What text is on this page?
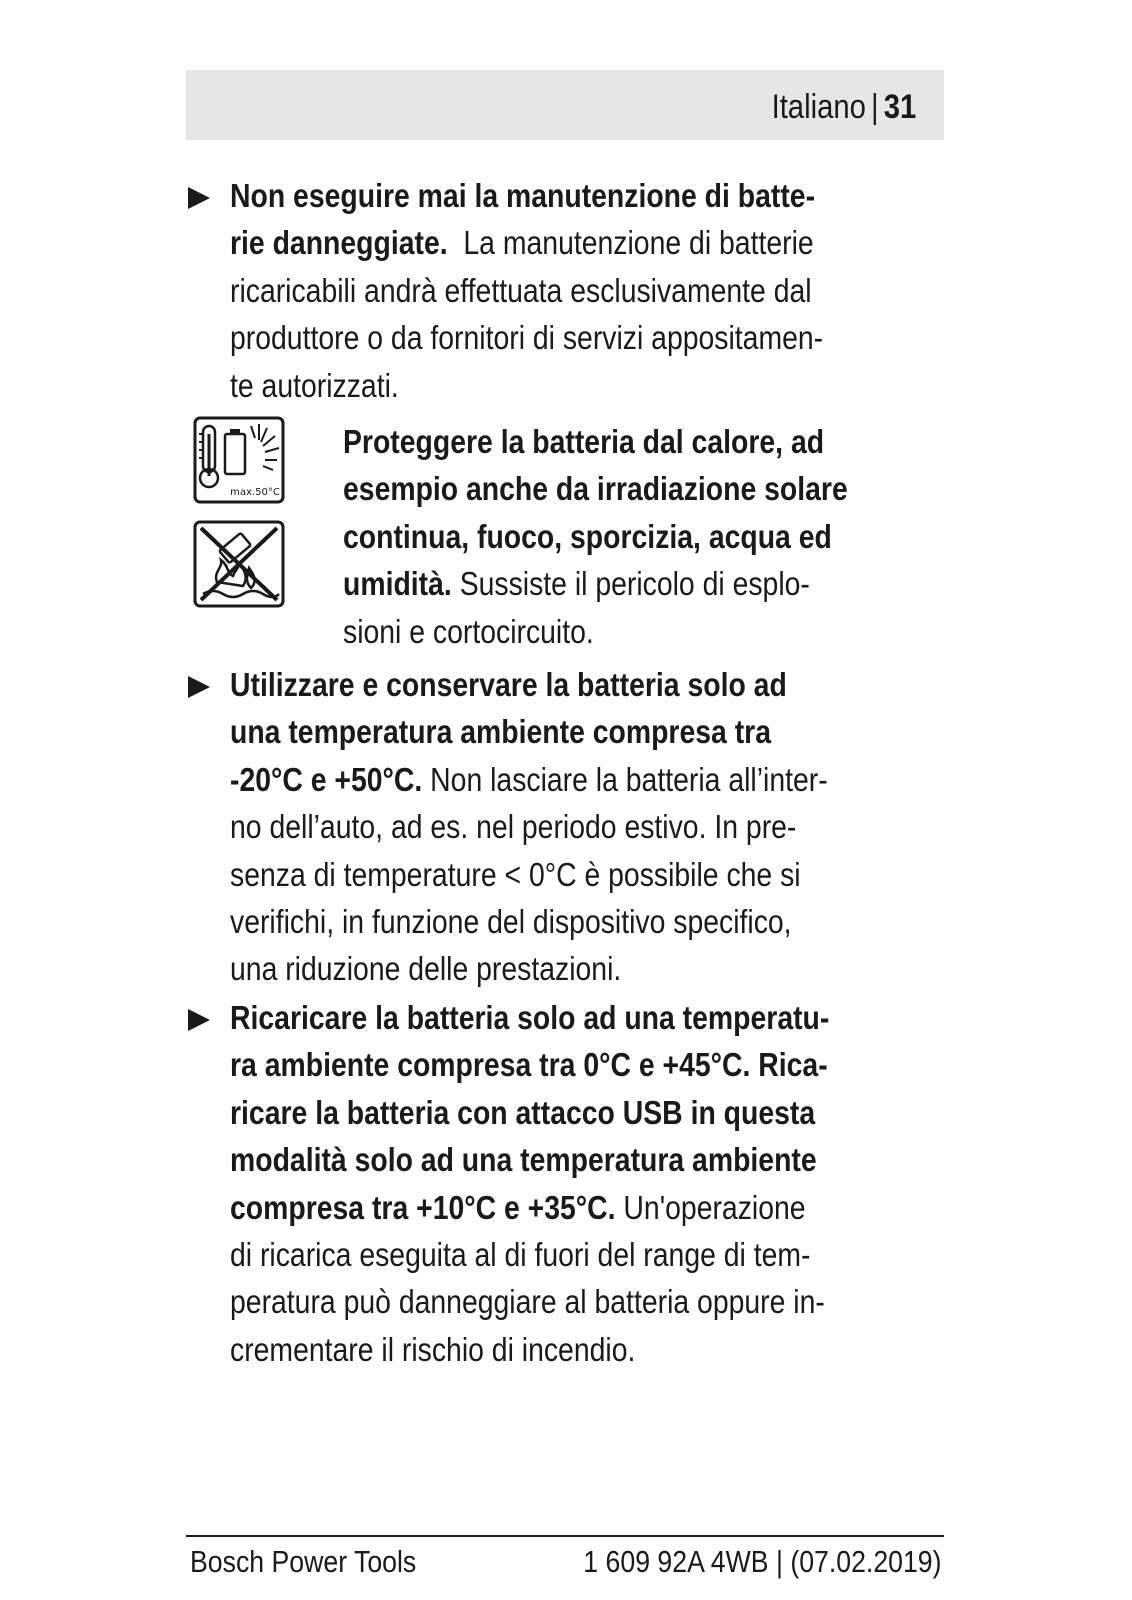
Italiano | 31
Non eseguire mai la manutenzione di batte-
rie danneggiate.  La manutenzione di batterie
ricaricabili andrà effettuata esclusivamente dal
produttore o da fornitori di servizi appositamen-
te autorizzati.
max.50°C
Proteggere la batteria dal calore, ad
esempio anche da irradiazione solare
continua, fuoco, sporcizia, acqua ed
umidità. Sussiste il pericolo di esplo-
sioni e cortocircuito.
Utilizzare e conservare la batteria solo ad
una temperatura ambiente compresa tra
-20°C e +50°C. Non lasciare la batteria all’inter-
no dell’auto, ad es. nel periodo estivo. In pre-
senza di temperature < 0°C è possibile che si
verifichi, in funzione del dispositivo specifico,
una riduzione delle prestazioni.
Ricaricare la batteria solo ad una temperatu-
ra ambiente compresa tra 0°C e +45°C. Rica-
ricare la batteria con attacco USB in questa
modalità solo ad una temperatura ambiente
compresa tra +10°C e +35°C. Un'operazione
di ricarica eseguita al di fuori del range di tem-
peratura può danneggiare al batteria oppure in-
crementare il rischio di incendio.
Bosch Power Tools	1 609 92A 4WB | (07.02.2019)
